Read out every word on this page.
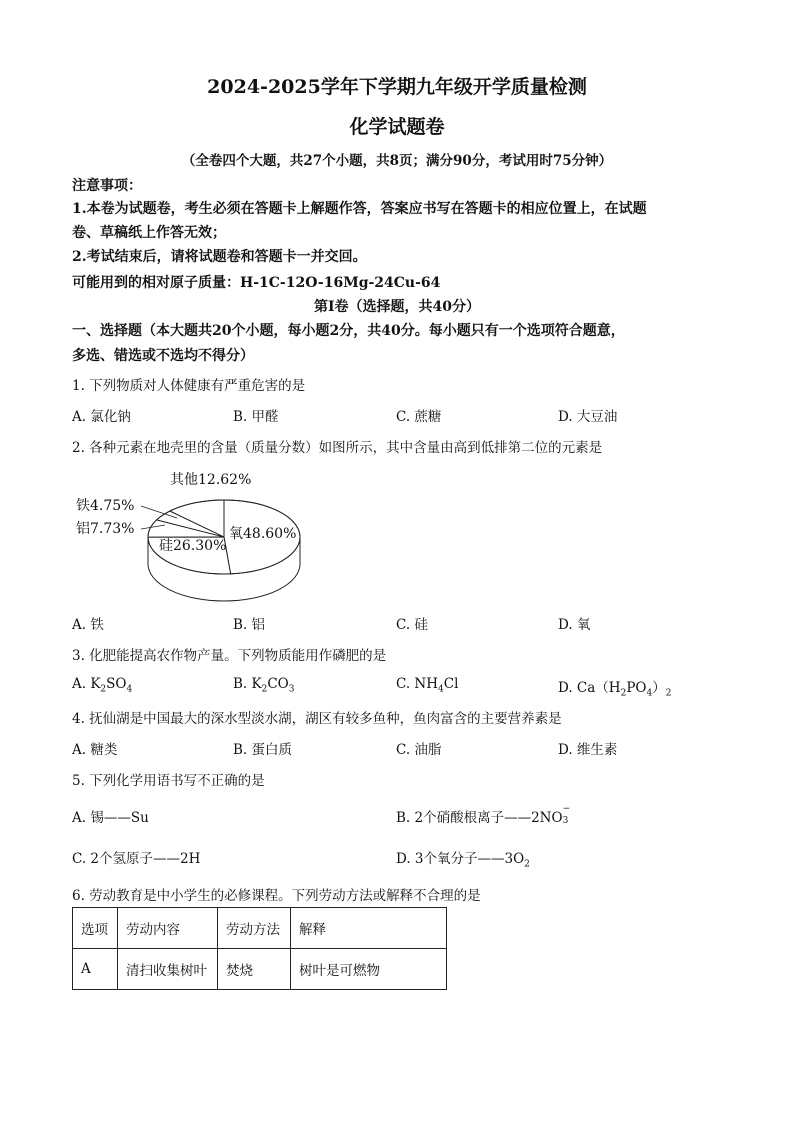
2024-2025学年下学期九年级开学质量检测
化学试题卷
（全卷四个大题，共27个小题，共8页；满分90分，考试用时75分钟）
注意事项：
1.本卷为试题卷，考生必须在答题卡上解题作答，答案应书写在答题卡的相应位置上，在试题
卷、草稿纸上作答无效；
2.考试结束后，请将试题卷和答题卡一并交回。
可能用到的相对原子质量：H-1C-12O-16Mg-24Cu-64
第Ⅰ卷（选择题，共40分）
一、选择题（本大题共20个小题，每小题2分，共40分。每小题只有一个选项符合题意，
多选、错选或不选均不得分）
1. 下列物质对人体健康有严重危害的是
A. 氯化钠	B. 甲醛	C. 蔗糖	D. 大豆油
2. 各种元素在地壳里的含量（质量分数）如图所示，其中含量由高到低排第二位的元素是
其他12.62%
铁4.75%
铝7.73%
硅26.30%
氧48.60%
A. 铁	B. 铝	C. 硅	D. 氧
3. 化肥能提高农作物产量。下列物质能用作磷肥的是
A. $K_2SO_4$	B. $K_2CO_3$	C. $NH_4Cl$	D. $Ca(H_2PO_4)_2$
4. 抚仙湖是中国最大的深水型淡水湖，湖区有较多鱼种，鱼肉富含的主要营养素是
A. 糖类	B. 蛋白质	C. 油脂	D. 维生素
5. 下列化学用语书写不正确的是
A. 锡——Su	B. 2个硝酸根离子——2NO
−
3
C. 2个氢原子——2H	D. 3个氧分子$——3O_2$
6. 劳动教育是中小学生的必修课程。下列劳动方法或解释不合理的是
选项	劳动内容	劳动方法	解释
A	清扫收集树叶	焚烧	树叶是可燃物
